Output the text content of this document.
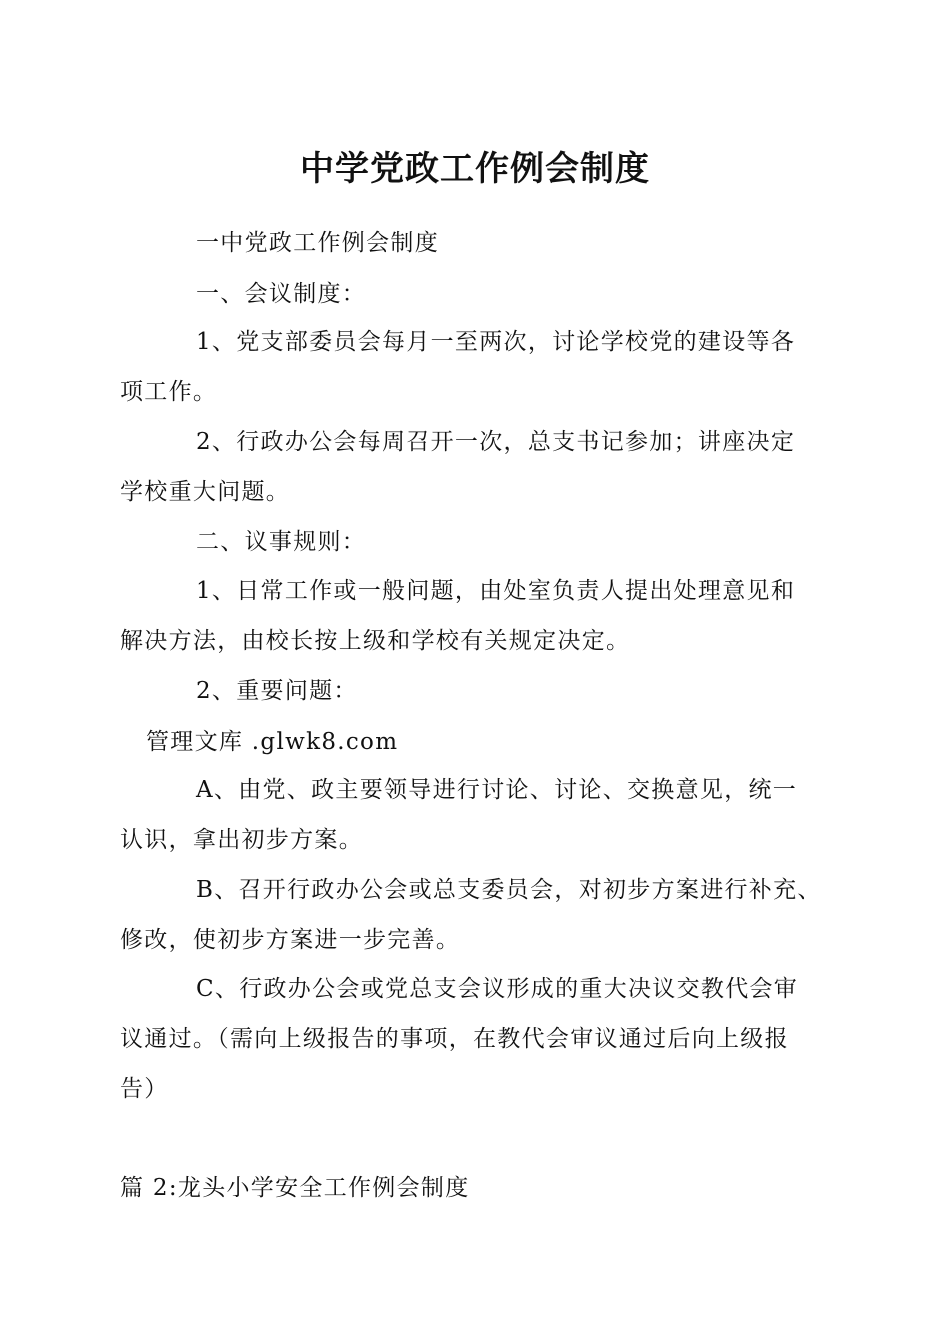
中学党政工作例会制度
一中党政工作例会制度
一、会议制度：
1、党支部委员会每月一至两次，讨论学校党的建设等各
项工作。
2、行政办公会每周召开一次，总支书记参加；讲座决定
学校重大问题。
二、议事规则：
1、日常工作或一般问题，由处室负责人提出处理意见和
解决方法，由校长按上级和学校有关规定决定。
2、重要问题：
管理文库 .glwk8.com
A、由党、政主要领导进行讨论、讨论、交换意见，统一
认识，拿出初步方案。
B、召开行政办公会或总支委员会，对初步方案进行补充、
修改，使初步方案进一步完善。
C、行政办公会或党总支会议形成的重大决议交教代会审
议通过。（需向上级报告的事项，在教代会审议通过后向上级报
告）
篇 2:龙头小学安全工作例会制度
